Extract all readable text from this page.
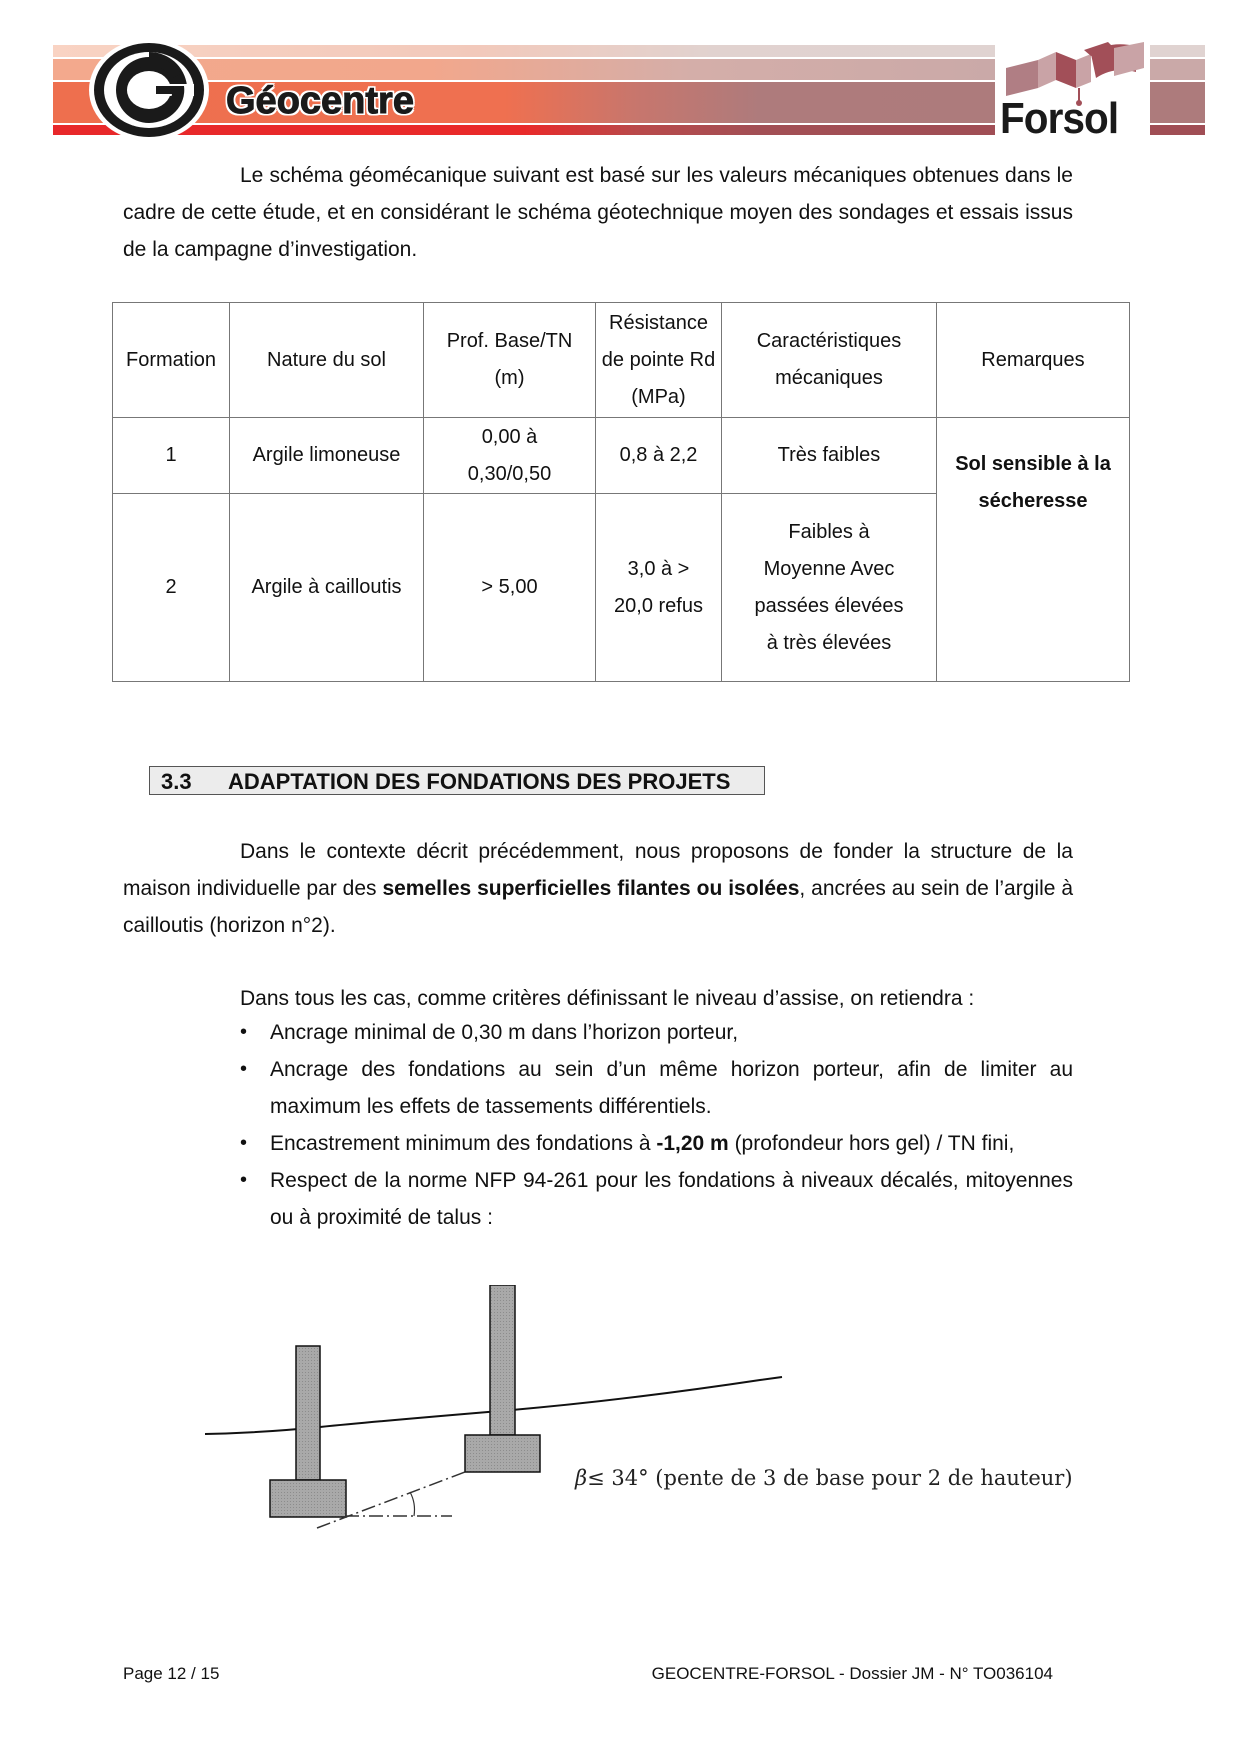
Géocentre	Forsol

Le schéma géomécanique suivant est basé sur les valeurs mécaniques obtenues dans le cadre de cette étude, et en considérant le schéma géotechnique moyen des sondages et essais issus de la campagne d’investigation.

Formation	Nature du sol	Prof. Base/TN (m)	Résistance de pointe Rd (MPa)	Caractéristiques mécaniques	Remarques
1	Argile limoneuse	0,00 à 0,30/0,50	0,8 à 2,2	Très faibles	Sol sensible à la sécheresse
2	Argile à cailloutis	> 5,00	3,0 à > 20,0 refus	Faibles à Moyenne Avec passées élevées à très élevées	
3.3 ADAPTATION DES FONDATIONS DES PROJETS

Dans le contexte décrit précédemment, nous proposons de fonder la structure de la maison individuelle par des semelles superficielles filantes ou isolées, ancrées au sein de l’argile à cailloutis (horizon n°2).

Dans tous les cas, comme critères définissant le niveau d’assise, on retiendra :

• Ancrage minimal de 0,30 m dans l’horizon porteur,
• Ancrage des fondations au sein d’un même horizon porteur, afin de limiter au maximum les effets de tassements différentiels.
• Encastrement minimum des fondations à -1,20 m (profondeur hors gel) / TN fini,
• Respect de la norme NFP 94-261 pour les fondations à niveaux décalés, mitoyennes ou à proximité de talus :
β≤ 34° (pente de 3 de base pour 2 de hauteur)
Page 12 / 15	GEOCENTRE-FORSOL - Dossier JM - N° TO036104
